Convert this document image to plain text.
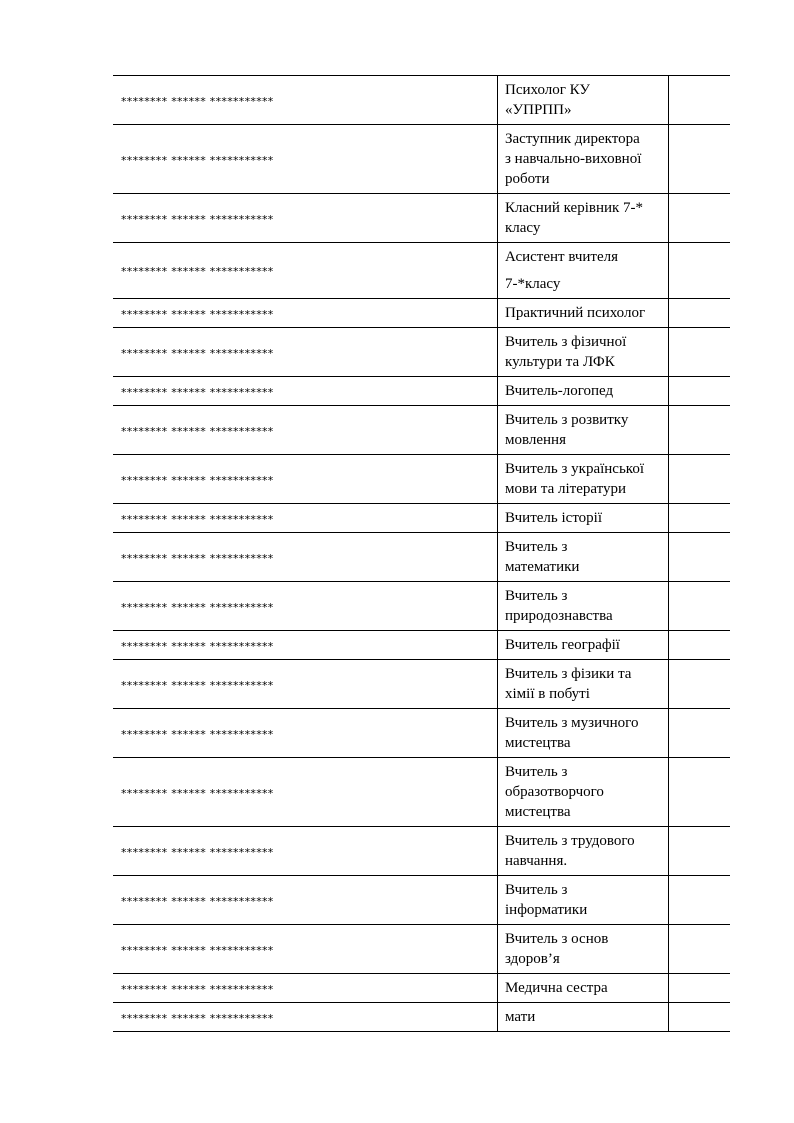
******** ****** ***********	Психолог КУ
«УПРПП»	

******** ****** ***********	Заступник директора
з навчально-виховної
роботи	

******** ****** ***********	Класний керівник 7-*
класу	

******** ****** ***********	Асистент вчителя
7-*класу	

******** ****** ***********	Практичний психолог	

******** ****** ***********	Вчитель з фізичної
культури та ЛФК	

******** ****** ***********	Вчитель-логопед	

******** ****** ***********	Вчитель з розвитку
мовлення	

******** ****** ***********	Вчитель з української
мови та літератури	

******** ****** ***********	Вчитель історії	

******** ****** ***********	Вчитель з
математики	

******** ****** ***********	Вчитель з
природознавства	

******** ****** ***********	Вчитель географії	

******** ****** ***********	Вчитель з фізики та
хімії в побуті	

******** ****** ***********	Вчитель з музичного
мистецтва	

******** ****** ***********	Вчитель з
образотворчого
мистецтва	

******** ****** ***********	Вчитель з трудового
навчання.	

******** ****** ***********	Вчитель з
інформатики	

******** ****** ***********	Вчитель з основ
здоров’я	

******** ****** ***********	Медична сестра	

******** ****** ***********	мати	
